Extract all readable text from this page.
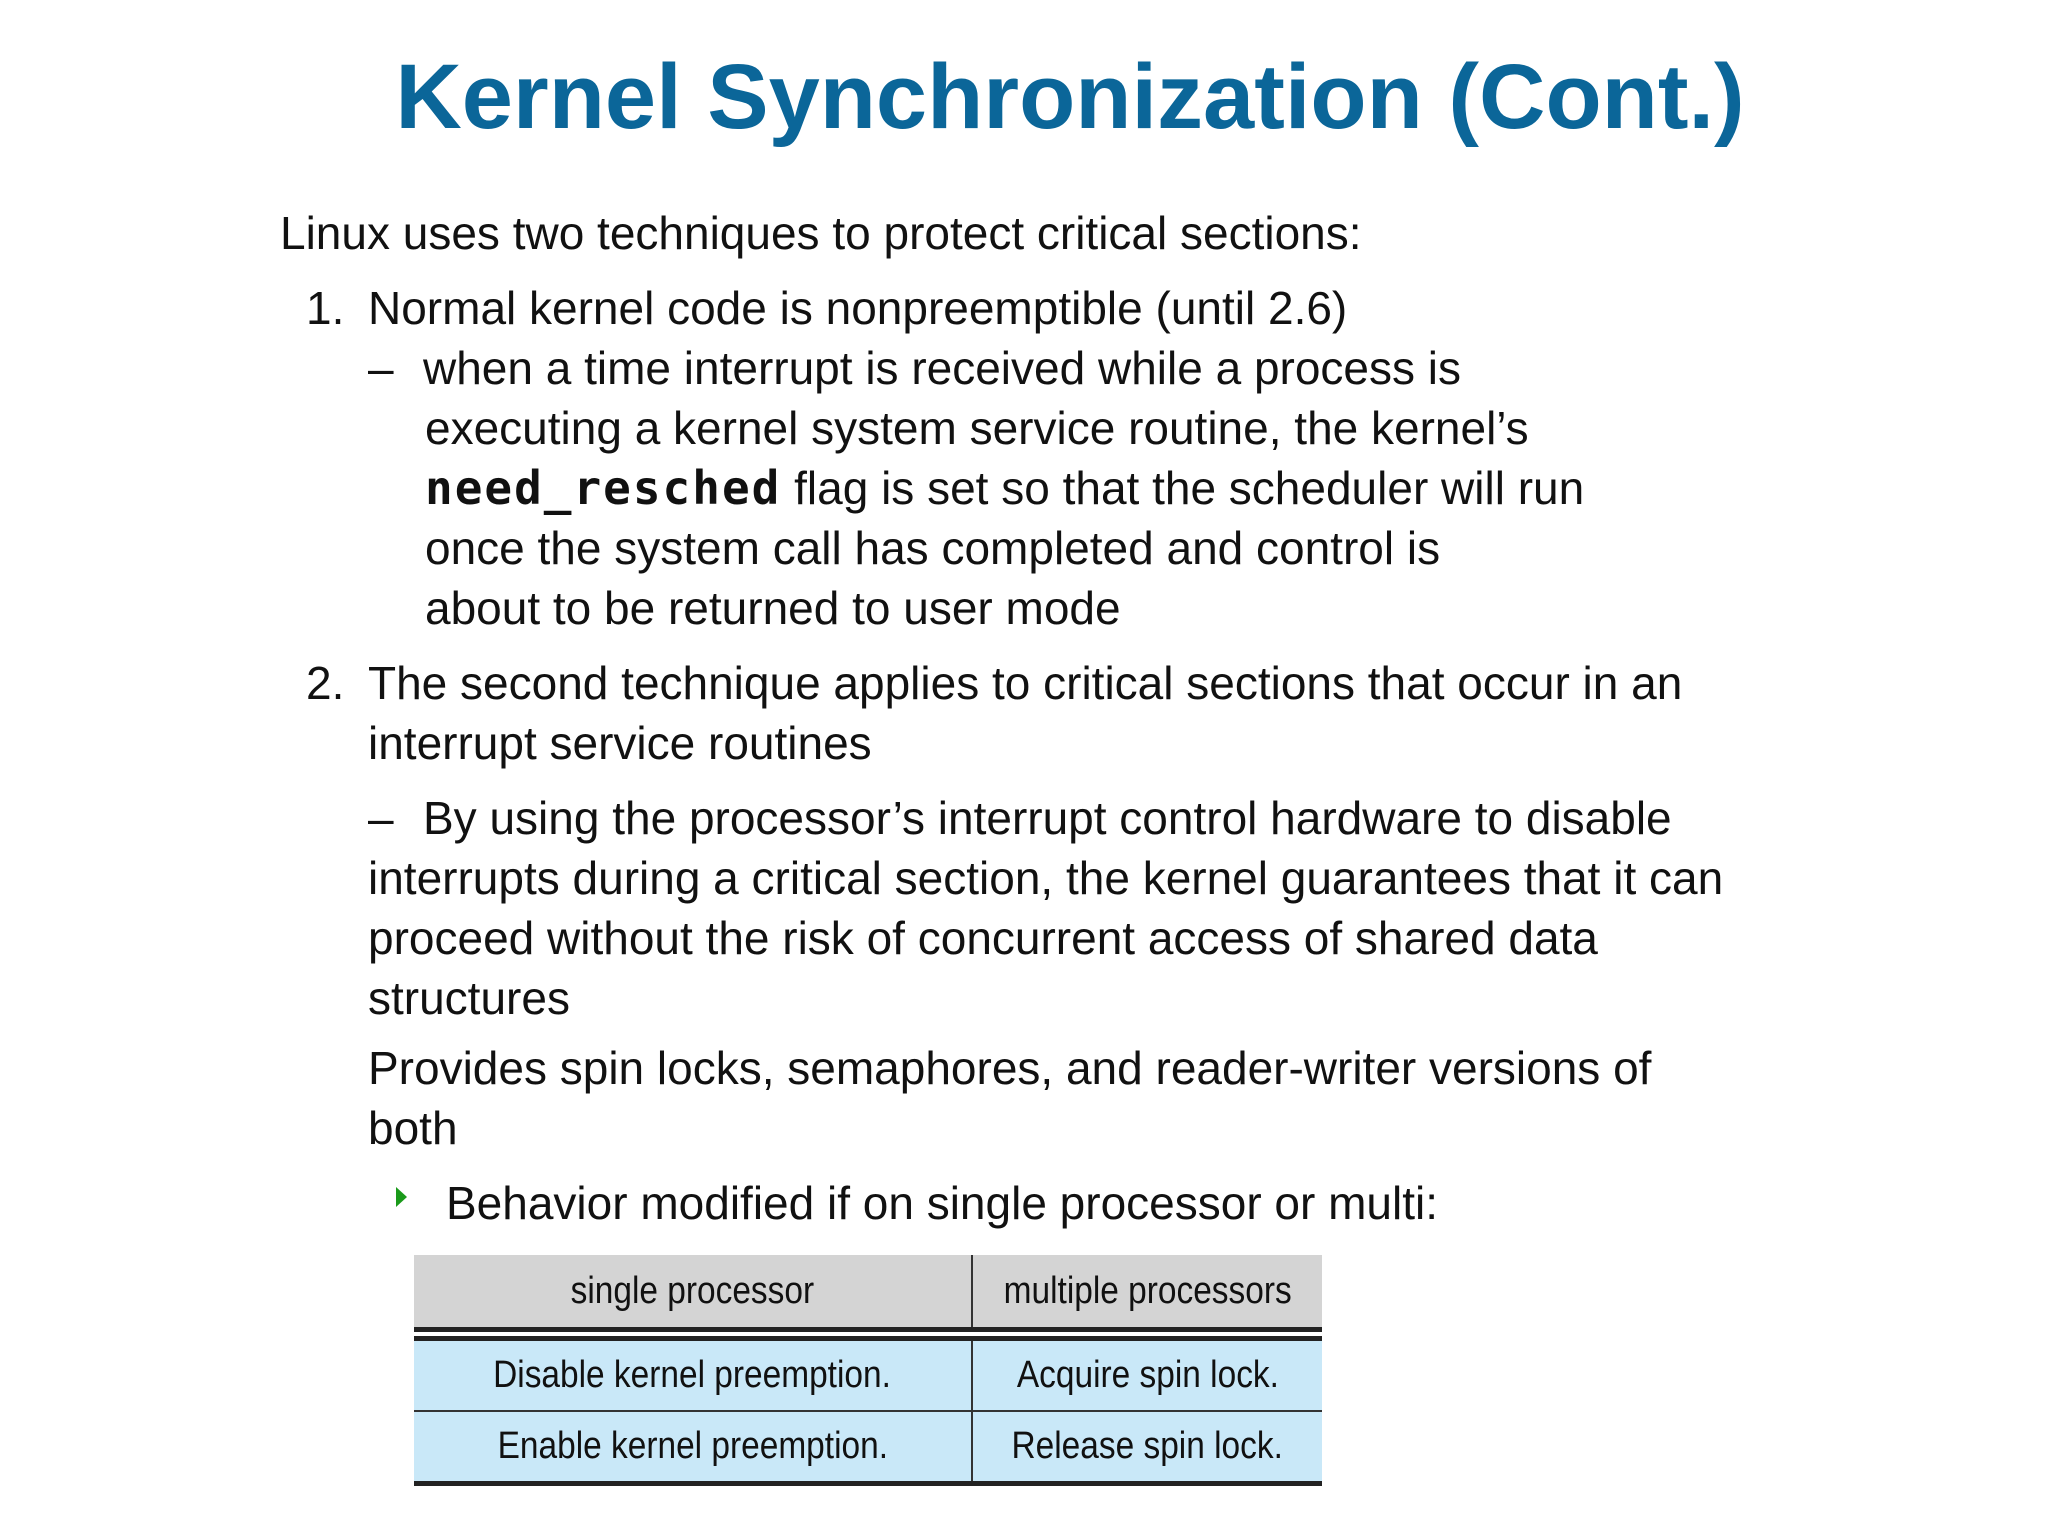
Kernel Synchronization (Cont.)
Linux uses two techniques to protect critical sections:
1. Normal kernel code is nonpreemptible (until 2.6)
– when a time interrupt is received while a process is
executing a kernel system service routine, the kernel’s
need_resched flag is set so that the scheduler will run
once the system call has completed and control is
about to be returned to user mode
2. The second technique applies to critical sections that occur in an
interrupt service routines
– By using the processor’s interrupt control hardware to disable
interrupts during a critical section, the kernel guarantees that it can
proceed without the risk of concurrent access of shared data
structures
Provides spin locks, semaphores, and reader-writer versions of
both
Behavior modified if on single processor or multi:
single processor	multiple processors

Disable kernel preemption.	Acquire spin lock.
Enable kernel preemption.	Release spin lock.
